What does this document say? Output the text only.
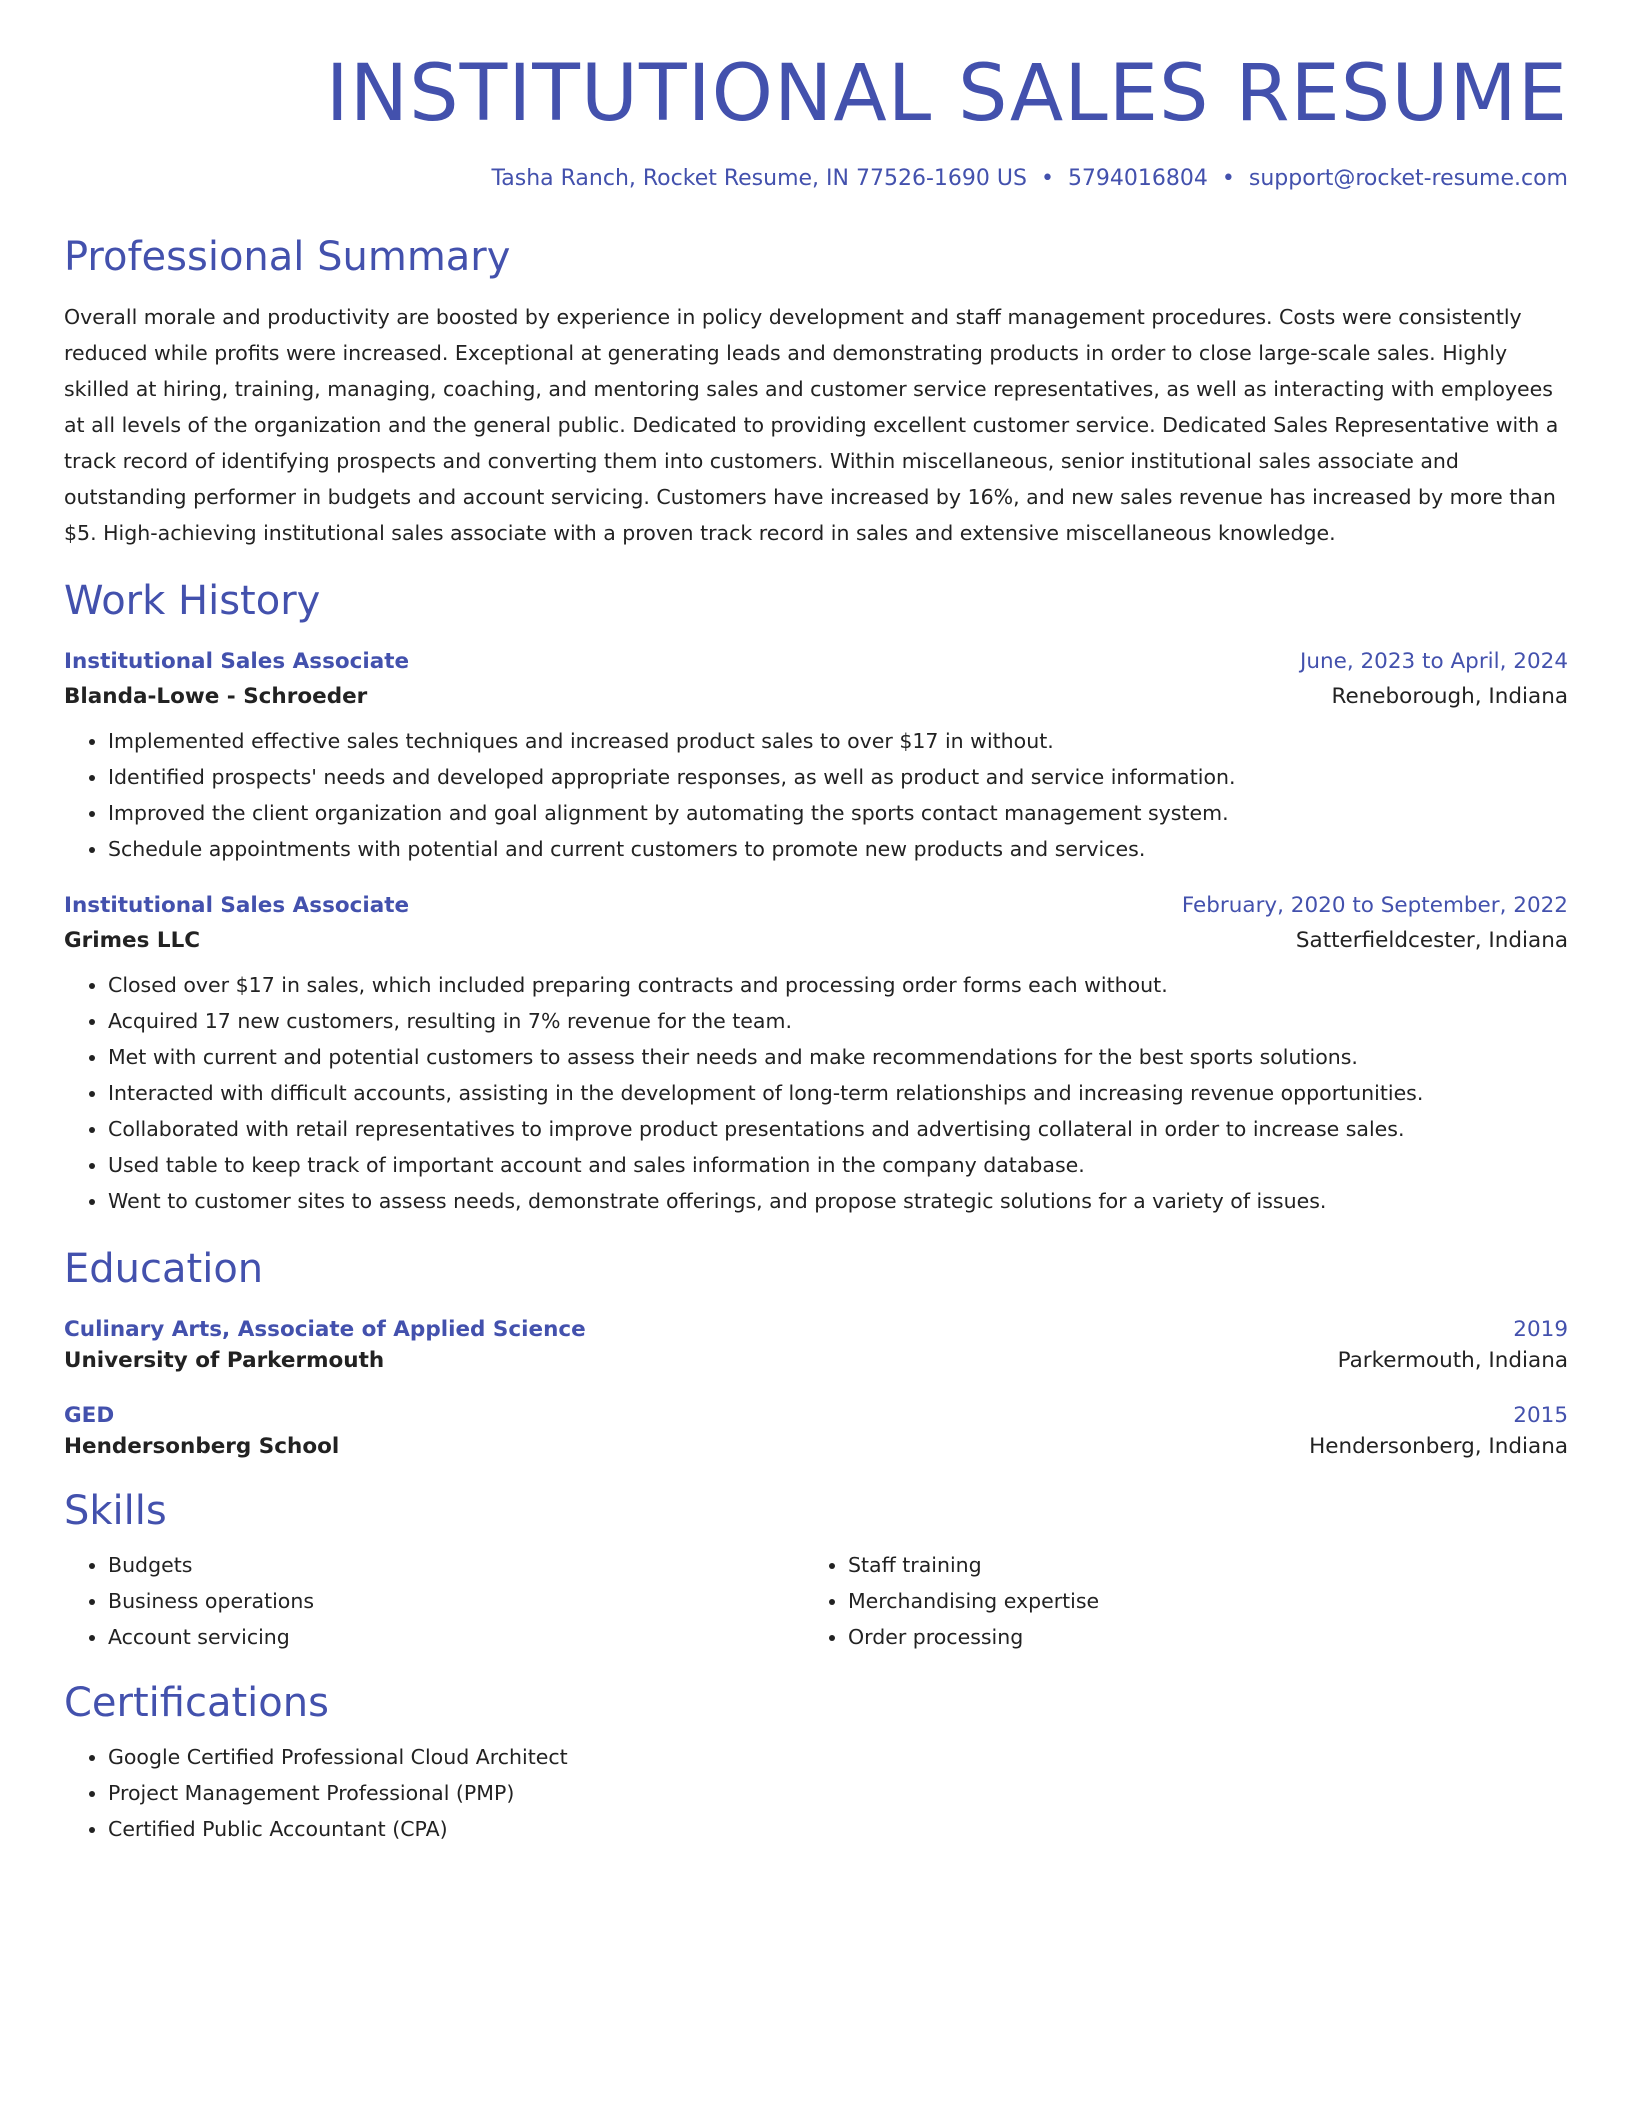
INSTITUTIONAL SALES RESUME
Tasha Ranch, Rocket Resume, IN 77526-1690 US • 5794016804 • support@rocket-resume.com
Professional Summary
Overall morale and productivity are boosted by experience in policy development and staff management procedures. Costs were consistently reduced while profits were increased. Exceptional at generating leads and demonstrating products in order to close large-scale sales. Highly skilled at hiring, training, managing, coaching, and mentoring sales and customer service representatives, as well as interacting with employees at all levels of the organization and the general public. Dedicated to providing excellent customer service. Dedicated Sales Representative with a track record of identifying prospects and converting them into customers. Within miscellaneous, senior institutional sales associate and outstanding performer in budgets and account servicing. Customers have increased by 16%, and new sales revenue has increased by more than $5. High-achieving institutional sales associate with a proven track record in sales and extensive miscellaneous knowledge.
Work History
Institutional Sales Associate	June, 2023 to April, 2024
Blanda-Lowe - Schroeder	Reneborough, Indiana
• Implemented effective sales techniques and increased product sales to over $17 in without.
• Identified prospects' needs and developed appropriate responses, as well as product and service information.
• Improved the client organization and goal alignment by automating the sports contact management system.
• Schedule appointments with potential and current customers to promote new products and services.
Institutional Sales Associate	February, 2020 to September, 2022
Grimes LLC	Satterfieldcester, Indiana
• Closed over $17 in sales, which included preparing contracts and processing order forms each without.
• Acquired 17 new customers, resulting in 7% revenue for the team.
• Met with current and potential customers to assess their needs and make recommendations for the best sports solutions.
• Interacted with difficult accounts, assisting in the development of long-term relationships and increasing revenue opportunities.
• Collaborated with retail representatives to improve product presentations and advertising collateral in order to increase sales.
• Used table to keep track of important account and sales information in the company database.
• Went to customer sites to assess needs, demonstrate offerings, and propose strategic solutions for a variety of issues.
Education
Culinary Arts, Associate of Applied Science	2019
University of Parkermouth	Parkermouth, Indiana
GED	2015
Hendersonberg School	Hendersonberg, Indiana
Skills
• Budgets
• Business operations
• Account servicing
• Staff training
• Merchandising expertise
• Order processing
Certifications
• Google Certified Professional Cloud Architect
• Project Management Professional (PMP)
• Certified Public Accountant (CPA)
